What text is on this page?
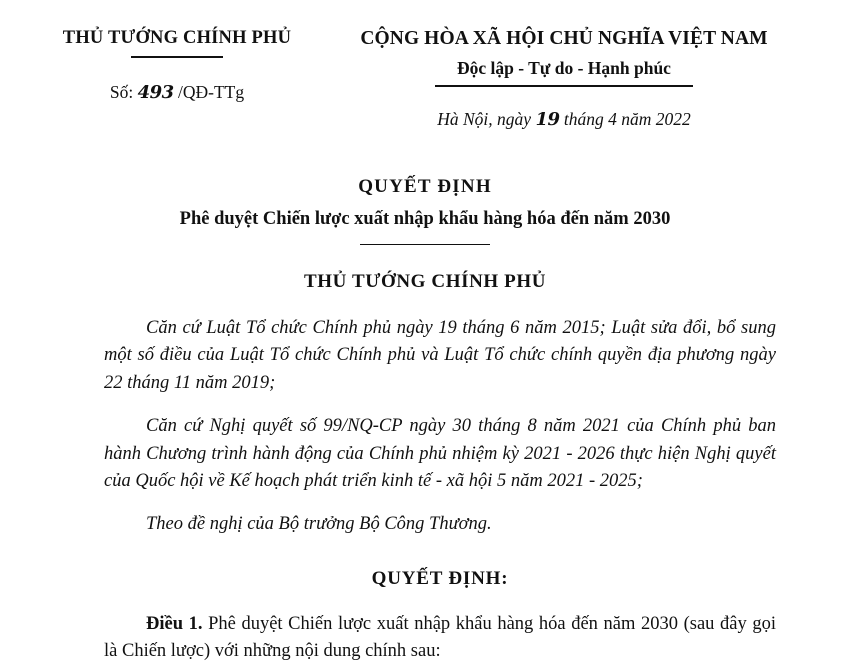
THỦ TƯỚNG CHÍNH PHỦ
Số: 493 /QĐ-TTg
CỘNG HÒA XÃ HỘI CHỦ NGHĨA VIỆT NAM
Độc lập - Tự do - Hạnh phúc
Hà Nội, ngày 19 tháng 4 năm 2022
QUYẾT ĐỊNH
Phê duyệt Chiến lược xuất nhập khẩu hàng hóa đến năm 2030
THỦ TƯỚNG CHÍNH PHỦ
Căn cứ Luật Tổ chức Chính phủ ngày 19 tháng 6 năm 2015; Luật sửa đổi, bổ sung một số điều của Luật Tổ chức Chính phủ và Luật Tổ chức chính quyền địa phương ngày 22 tháng 11 năm 2019;
Căn cứ Nghị quyết số 99/NQ-CP ngày 30 tháng 8 năm 2021 của Chính phủ ban hành Chương trình hành động của Chính phủ nhiệm kỳ 2021 - 2026 thực hiện Nghị quyết của Quốc hội về Kế hoạch phát triển kinh tế - xã hội 5 năm 2021 - 2025;
Theo đề nghị của Bộ trưởng Bộ Công Thương.
QUYẾT ĐỊNH:
Điều 1. Phê duyệt Chiến lược xuất nhập khẩu hàng hóa đến năm 2030 (sau đây gọi là Chiến lược) với những nội dung chính sau:
